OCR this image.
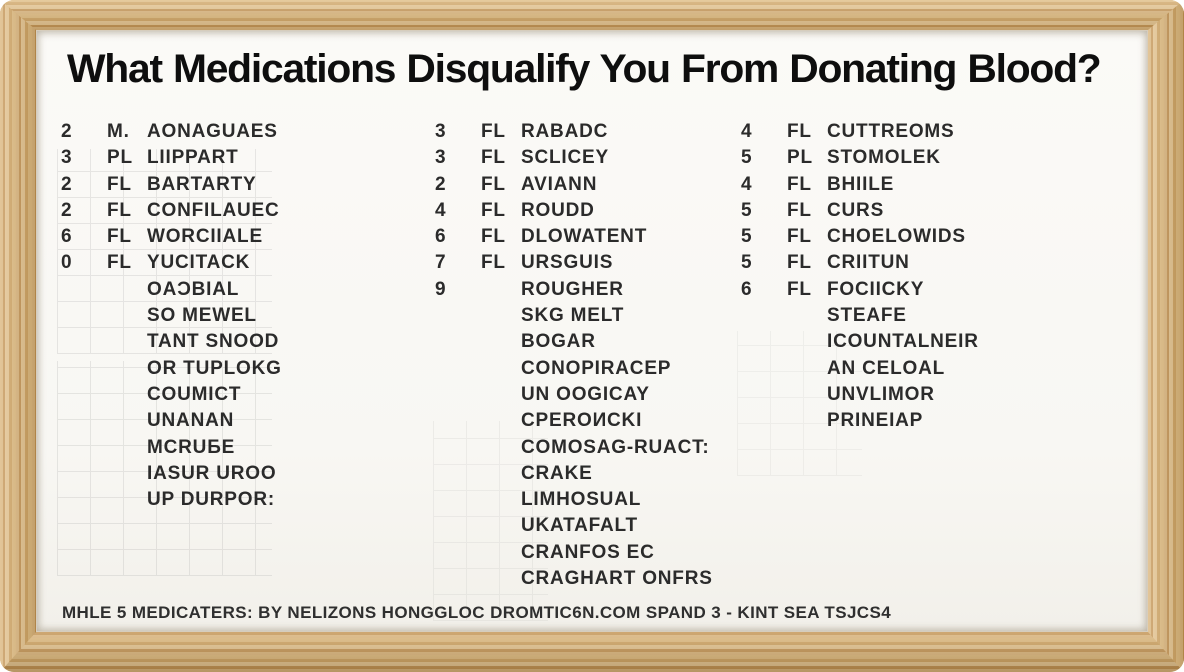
What Medications Disqualify You From Donating Blood?
2	M. AONAGUAES
3	PL LIIPPART
2	FL BARTARTY
2	FL CONFILAUEC
6	FL WORCIIALE
0	FL YUCITACK
OAƆBIAL
SO MEWEL
TANT SNOOD
OR TUPLOKG
COUMICT
UNANAN
MCRUБE
IASUR UROO
UP DURPOR:
3	FL RABADC
3	FL SCLICEY
2	FL AVIANN
4	FL ROUDD
6	FL DLOWATENT
7	FL URSGUIS
9	ROUGHER
SKG MELT
BOGAR
CONOPIRACEP
UN OOGICAY
CPEROИCKI
COMOSAG-RUACT:
CRAKE
LIMHOSUAL
UKATAFALT
CRANFOS EC
CRAGHART ONFRS
4	FL CUTTREOMS
5	PL STOMOLEK
4	FL BHIILE
5	FL CURS
5	FL CHOELOWIDS
5	FL CRIITUN
6	FL FOCIICKY
STEAFE
ICOUNTALNEIR
AN CELOAL
UNVLIMOR
PRINEIAP
MHLE 5 MEDICATERS: BY NELIZONS HONGGLOC DROMTIC6N.COM SPAND 3 - KINT SEA TSJCS4
